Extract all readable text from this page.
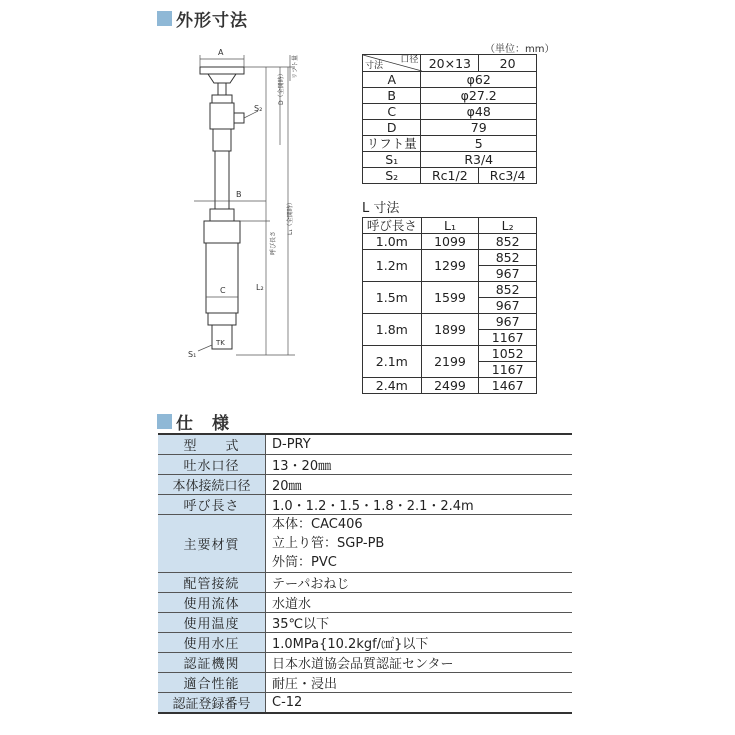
外形寸法
A
B
C
S₂
S₁
TK
L₂
D（全開時）
リフト量
L₁（全開時）
呼び長さ
（単位：mm）
口径
寸法	20×13	20
A	φ62	
B	φ27.2	
C	φ48	
D	79	
リフト量	5	
S₁	R3/4	
S₂	Rc1/2	Rc3/4
L 寸法
呼び長さ	L₁	L₂
1.0m	1099	852
1.2m	1299	852
		967
1.5m	1599	852
		967
1.8m	1899	967
		1167
2.1m	2199	1052
		1167
2.4m	2499	1467
仕　様
型　　式	D-PRY
吐水口径	13・20㎜
本体接続口径	20㎜
呼び長さ	1.0・1.2・1.5・1.8・2.1・2.4m
主要材質	本体：CAC406
立上り管：SGP-PB
外筒：PVC

配管接続	テーパおねじ
使用流体	水道水
使用温度	35℃以下
使用水圧	1.0MPa{10.2kgf/㎠}以下
認証機関	日本水道協会品質認証センター
適合性能	耐圧・浸出
認証登録番号	C-12
